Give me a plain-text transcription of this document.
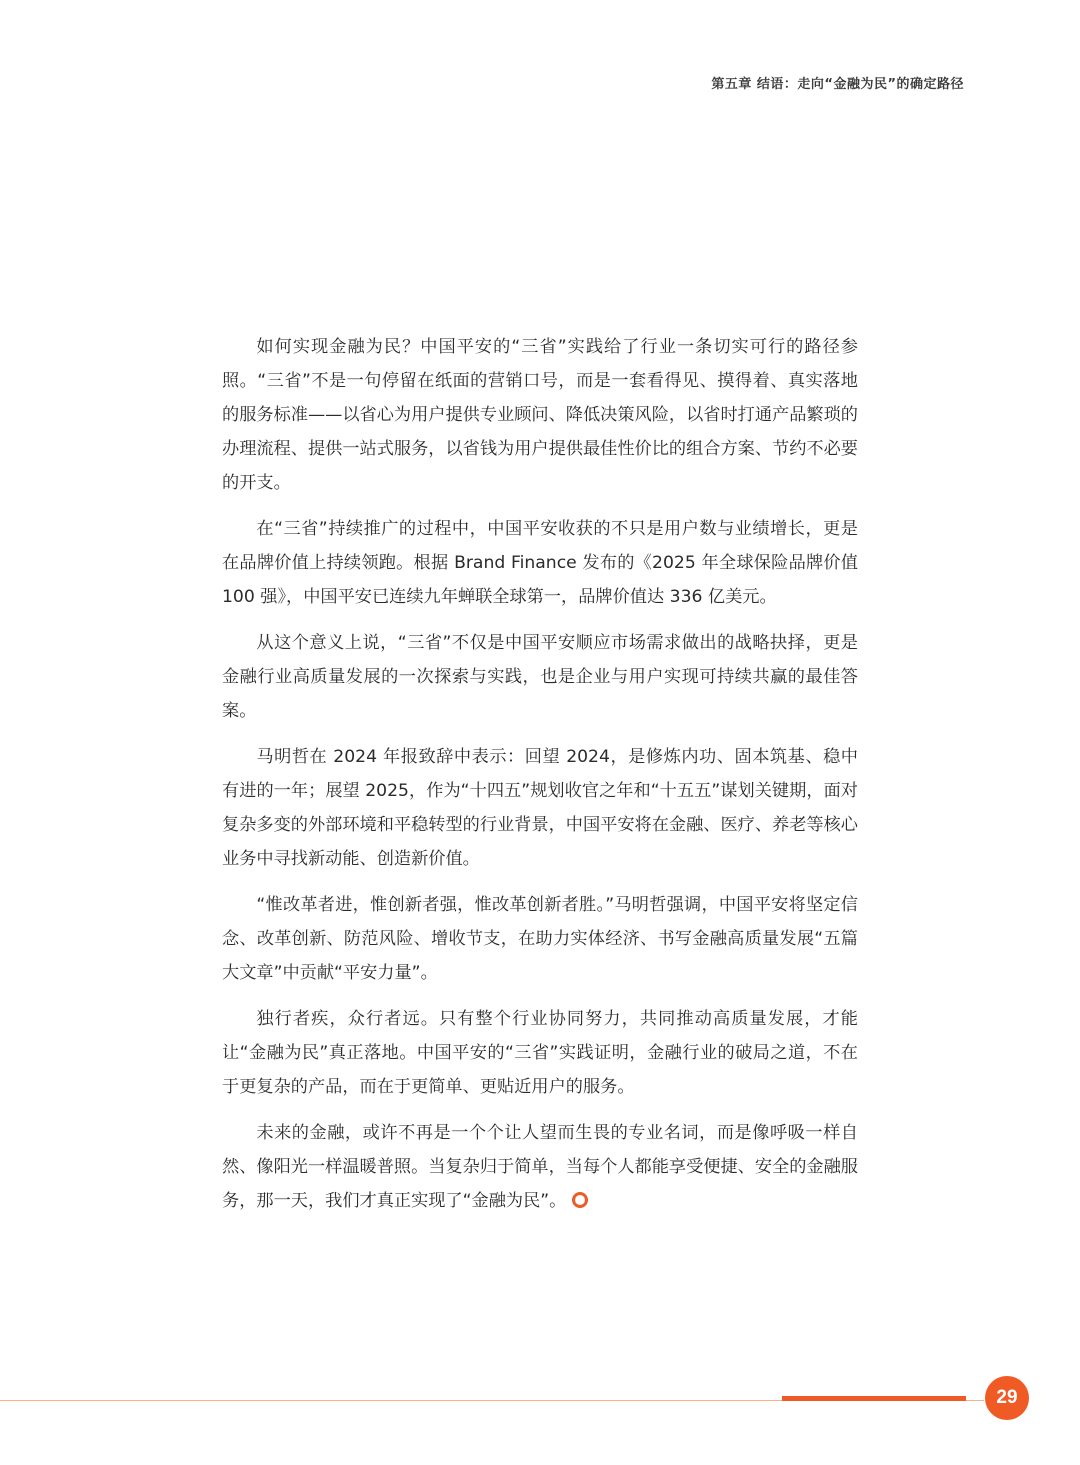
第五章 结语：走向“金融为民”的确定路径

如何实现金融为民？中国平安的“三省”实践给了行业一条切实可行的路径参照。“三省”不是一句停留在纸面的营销口号，而是一套看得见、摸得着、真实落地的服务标准——以省心为用户提供专业顾问、降低决策风险，以省时打通产品繁琐的办理流程、提供一站式服务，以省钱为用户提供最佳性价比的组合方案、节约不必要的开支。

在“三省”持续推广的过程中，中国平安收获的不只是用户数与业绩增长，更是在品牌价值上持续领跑。根据 Brand Finance 发布的《2025 年全球保险品牌价值 100 强》，中国平安已连续九年蝉联全球第一，品牌价值达 336 亿美元。

从这个意义上说，“三省”不仅是中国平安顺应市场需求做出的战略抉择，更是金融行业高质量发展的一次探索与实践，也是企业与用户实现可持续共赢的最佳答案。

马明哲在 2024 年报致辞中表示：回望 2024，是修炼内功、固本筑基、稳中有进的一年；展望 2025，作为“十四五”规划收官之年和“十五五”谋划关键期，面对复杂多变的外部环境和平稳转型的行业背景，中国平安将在金融、医疗、养老等核心业务中寻找新动能、创造新价值。

“惟改革者进，惟创新者强，惟改革创新者胜。”马明哲强调，中国平安将坚定信念、改革创新、防范风险、增收节支，在助力实体经济、书写金融高质量发展“五篇大文章”中贡献“平安力量”。

独行者疾，众行者远。只有整个行业协同努力，共同推动高质量发展，才能让“金融为民”真正落地。中国平安的“三省”实践证明，金融行业的破局之道，不在于更复杂的产品，而在于更简单、更贴近用户的服务。

未来的金融，或许不再是一个个让人望而生畏的专业名词，而是像呼吸一样自然、像阳光一样温暖普照。当复杂归于简单，当每个人都能享受便捷、安全的金融服务，那一天，我们才真正实现了“金融为民”。

29
